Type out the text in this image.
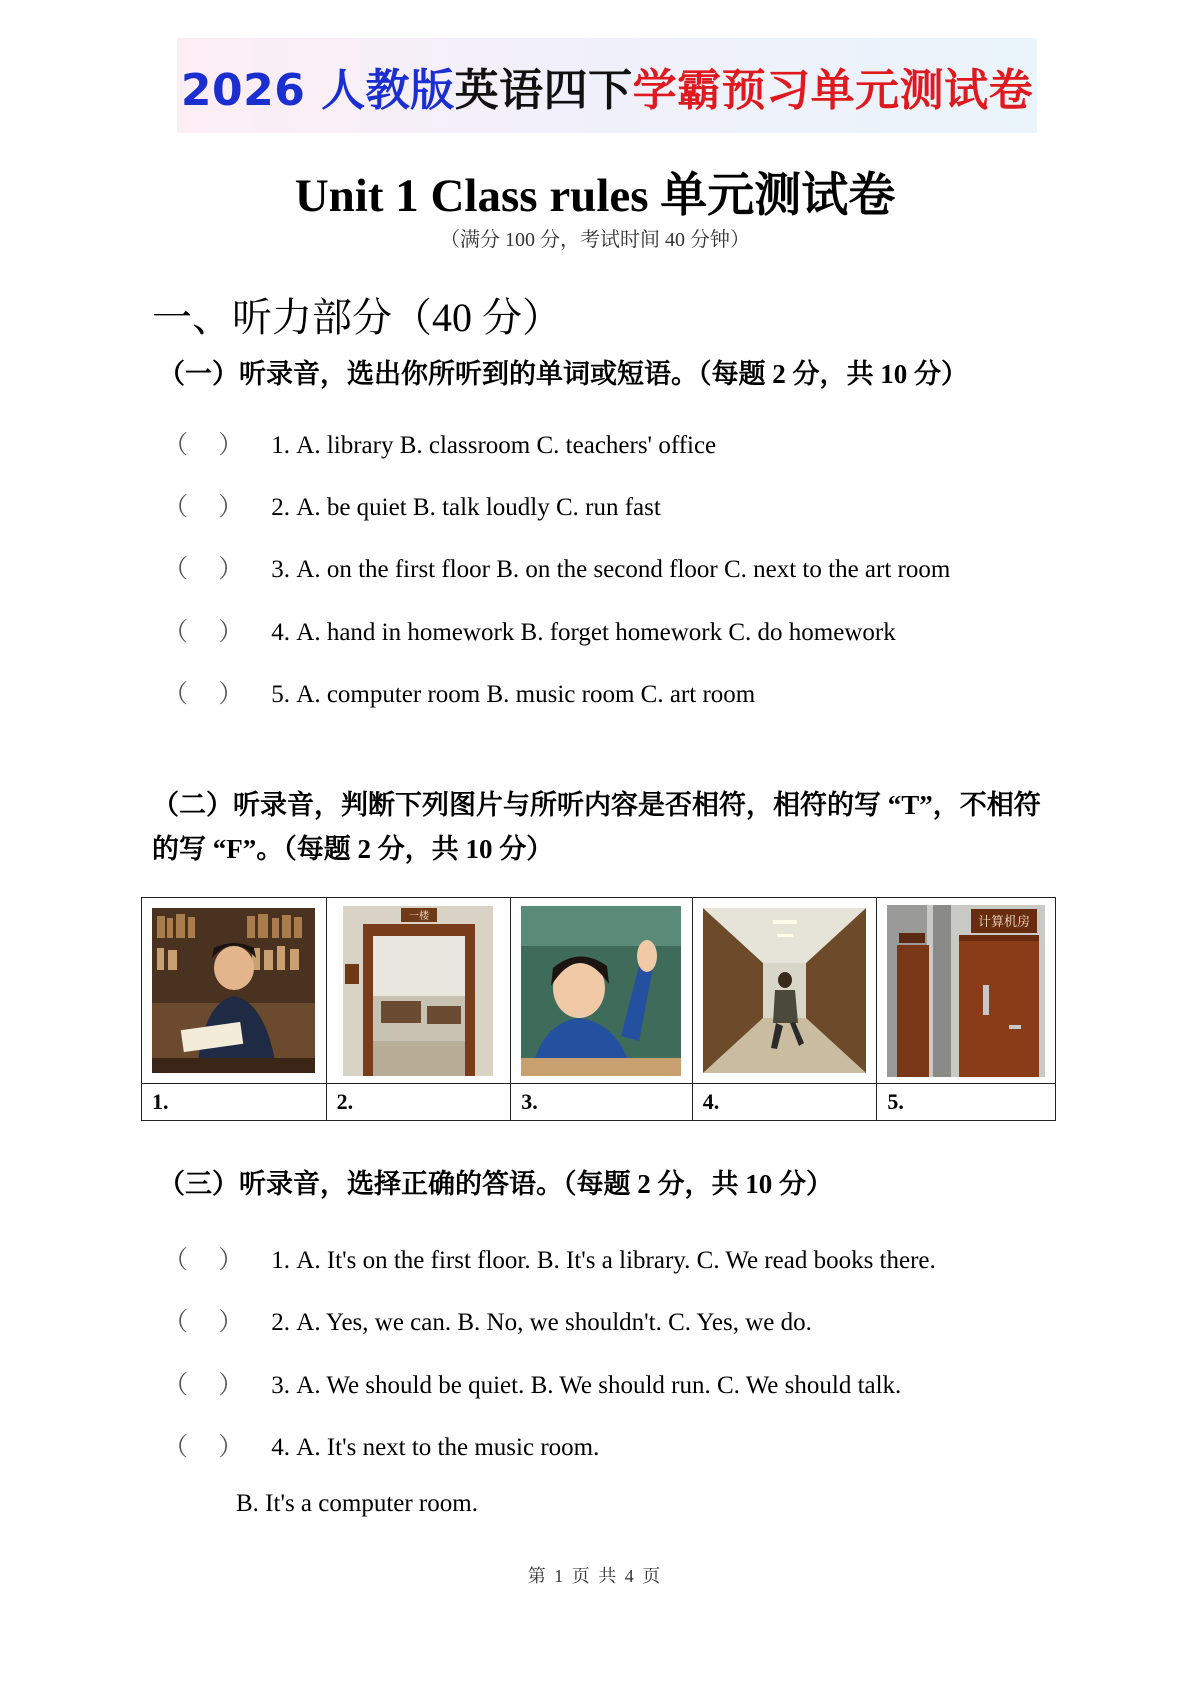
2026 人教版 英语四下 学霸预习单元测试卷
Unit 1 Class rules 单元测试卷
（满分 100 分，考试时间 40 分钟）
一、听力部分（40 分）
（一）听录音，选出你所听到的单词或短语。（每题 2 分，共 10 分）
（ ） 1. A. library B. classroom C. teachers' office
（ ） 2. A. be quiet B. talk loudly C. run fast
（ ） 3. A. on the first floor B. on the second floor C. next to the art room
（ ） 4. A. hand in homework B. forget homework C. do homework
（ ） 5. A. computer room B. music room C. art room
（二）听录音，判断下列图片与所听内容是否相符，相符的写 “T”，不相符的写 “F”。（每题 2 分，共 10 分）

一楼			计算机房

1.	2.	3.	4.	5.
（三）听录音，选择正确的答语。（每题 2 分，共 10 分）
（ ） 1. A. It's on the first floor. B. It's a library. C. We read books there.
（ ） 2. A. Yes, we can. B. No, we shouldn't. C. Yes, we do.
（ ） 3. A. We should be quiet. B. We should run. C. We should talk.
（ ） 4. A. It's next to the music room.
B. It's a computer room.
第 1 页 共 4 页
